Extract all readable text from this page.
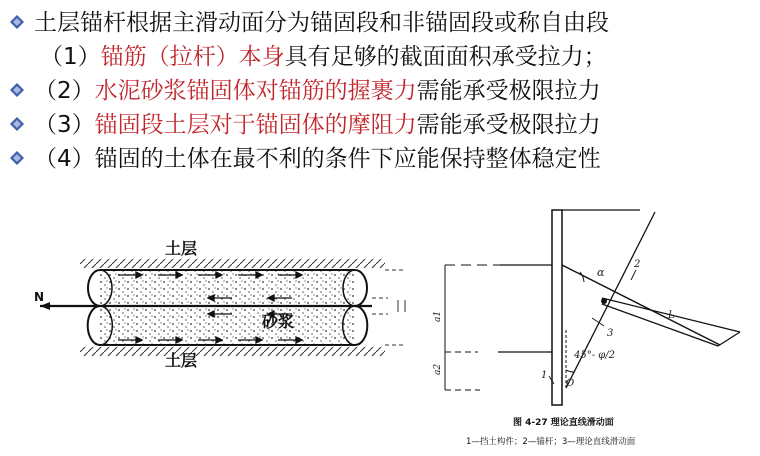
土层锚杆根据主滑动面分为锚固段和非锚固段或称自由段
（1）锚筋（拉杆）本身具有足够的截面面积承受拉力；
（2）水泥砂浆锚固体对锚筋的握裹力需能承受极限拉力
（3）锚固段土层对于锚固体的摩阻力需能承受极限拉力
（4）锚固的土体在最不利的条件下应能保持整体稳定性
N
土层
砂浆
土层
a1
a2
α
2
3
1
O
L
45°- φ/2
图 4-27 理论直线滑动面
1—挡土构件；2—锚杆；3—理论直线滑动面
